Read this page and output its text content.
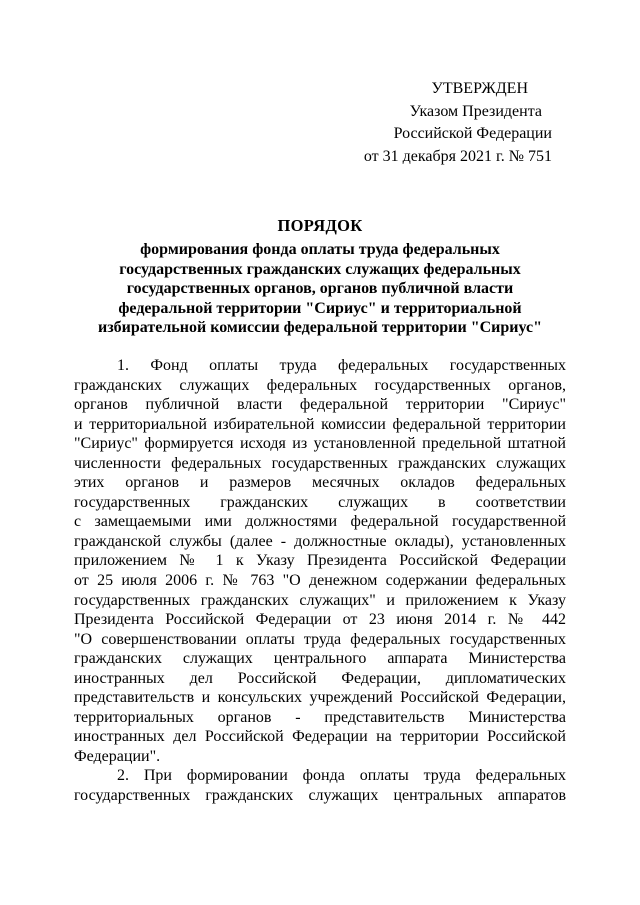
УТВЕРЖДЕН
Указом Президента
Российской Федерации
от 31 декабря 2021 г. № 751
ПОРЯДОК
формирования фонда оплаты труда федеральных
государственных гражданских служащих федеральных
государственных органов, органов публичной власти
федеральной территории "Сириус" и территориальной
избирательной комиссии федеральной территории "Сириус"
1. Фонд оплаты труда федеральных государственных
гражданских служащих федеральных государственных органов,
органов публичной власти федеральной территории "Сириус"
и территориальной избирательной комиссии федеральной территории
"Сириус" формируется исходя из установленной предельной штатной
численности федеральных государственных гражданских служащих
этих органов и размеров месячных окладов федеральных
государственных гражданских служащих в соответствии
с замещаемыми ими должностями федеральной государственной
гражданской службы (далее - должностные оклады), установленных
приложением № 1 к Указу Президента Российской Федерации
от 25 июля 2006 г. № 763 "О денежном содержании федеральных
государственных гражданских служащих" и приложением к Указу
Президента Российской Федерации от 23 июня 2014 г. № 442
"О совершенствовании оплаты труда федеральных государственных
гражданских служащих центрального аппарата Министерства
иностранных дел Российской Федерации, дипломатических
представительств и консульских учреждений Российской Федерации,
территориальных органов - представительств Министерства
иностранных дел Российской Федерации на территории Российской
Федерации".
2. При формировании фонда оплаты труда федеральных
государственных гражданских служащих центральных аппаратов
